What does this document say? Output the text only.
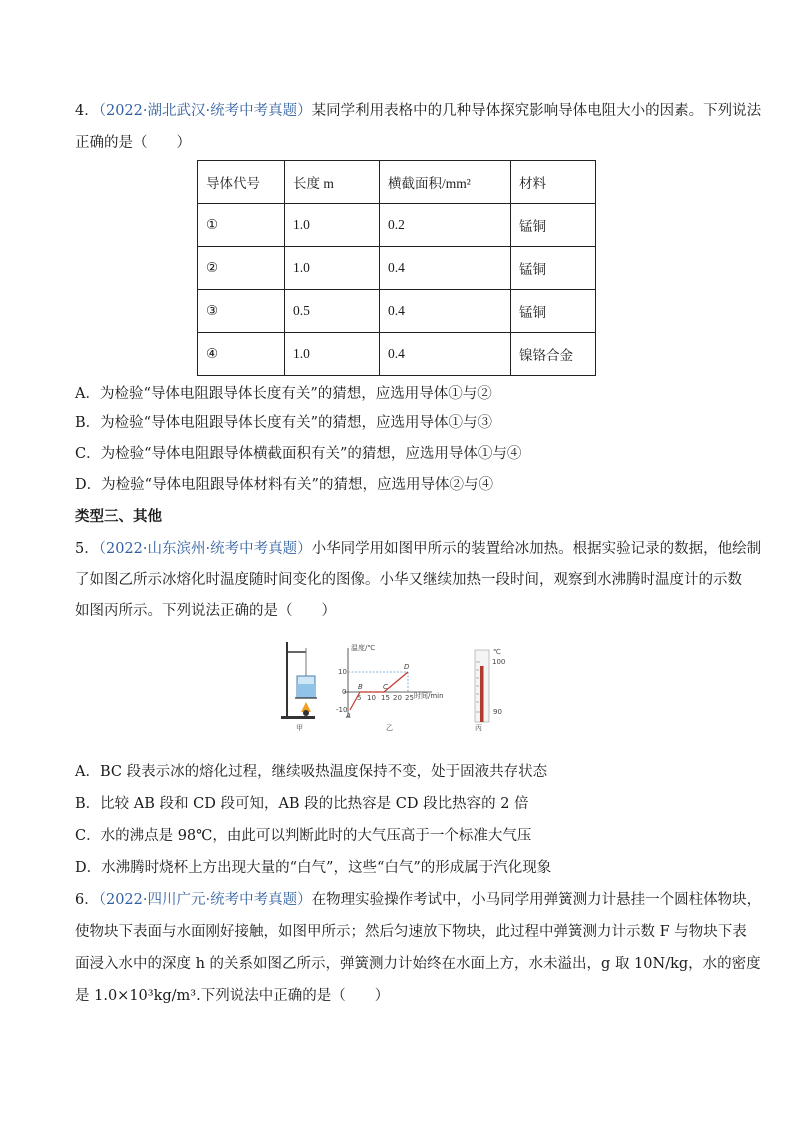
4．（2022·湖北武汉·统考中考真题）某同学利用表格中的几种导体探究影响导体电阻大小的因素。下列说法
正确的是（　　）
导体代号	长度 m	横截面积/mm²	材料
①	1.0	0.2	锰铜
②	1.0	0.4	锰铜
③	0.5	0.4	锰铜
④	1.0	0.4	镍铬合金
A．为检验“导体电阻跟导体长度有关”的猜想，应选用导体①与②
B．为检验“导体电阻跟导体长度有关”的猜想，应选用导体①与③
C．为检验“导体电阻跟导体横截面积有关”的猜想，应选用导体①与④
D．为检验“导体电阻跟导体材料有关”的猜想，应选用导体②与④
类型三、其他
5．（2022·山东滨州·统考中考真题）小华同学用如图甲所示的装置给冰加热。根据实验记录的数据，他绘制
了如图乙所示冰熔化时温度随时间变化的图像。小华又继续加热一段时间，观察到水沸腾时温度计的示数
如图丙所示。下列说法正确的是（　　）
甲
温度/℃
时间/min
10
0
-10
5 10 15 20 25
A
B	C
D
乙
℃
100
90
丙
A．BC 段表示冰的熔化过程，继续吸热温度保持不变，处于固液共存状态
B．比较 AB 段和 CD 段可知，AB 段的比热容是 CD 段比热容的 2 倍
C．水的沸点是 98℃，由此可以判断此时的大气压高于一个标准大气压
D．水沸腾时烧杯上方出现大量的“白气”，这些“白气”的形成属于汽化现象
6．（2022·四川广元·统考中考真题）在物理实验操作考试中，小马同学用弹簧测力计悬挂一个圆柱体物块，
使物块下表面与水面刚好接触，如图甲所示；然后匀速放下物块，此过程中弹簧测力计示数 F 与物块下表
面浸入水中的深度 h 的关系如图乙所示，弹簧测力计始终在水面上方，水未溢出，g 取 10N/kg，水的密度
是 1.0×10³kg/m³.下列说法中正确的是（　　）
